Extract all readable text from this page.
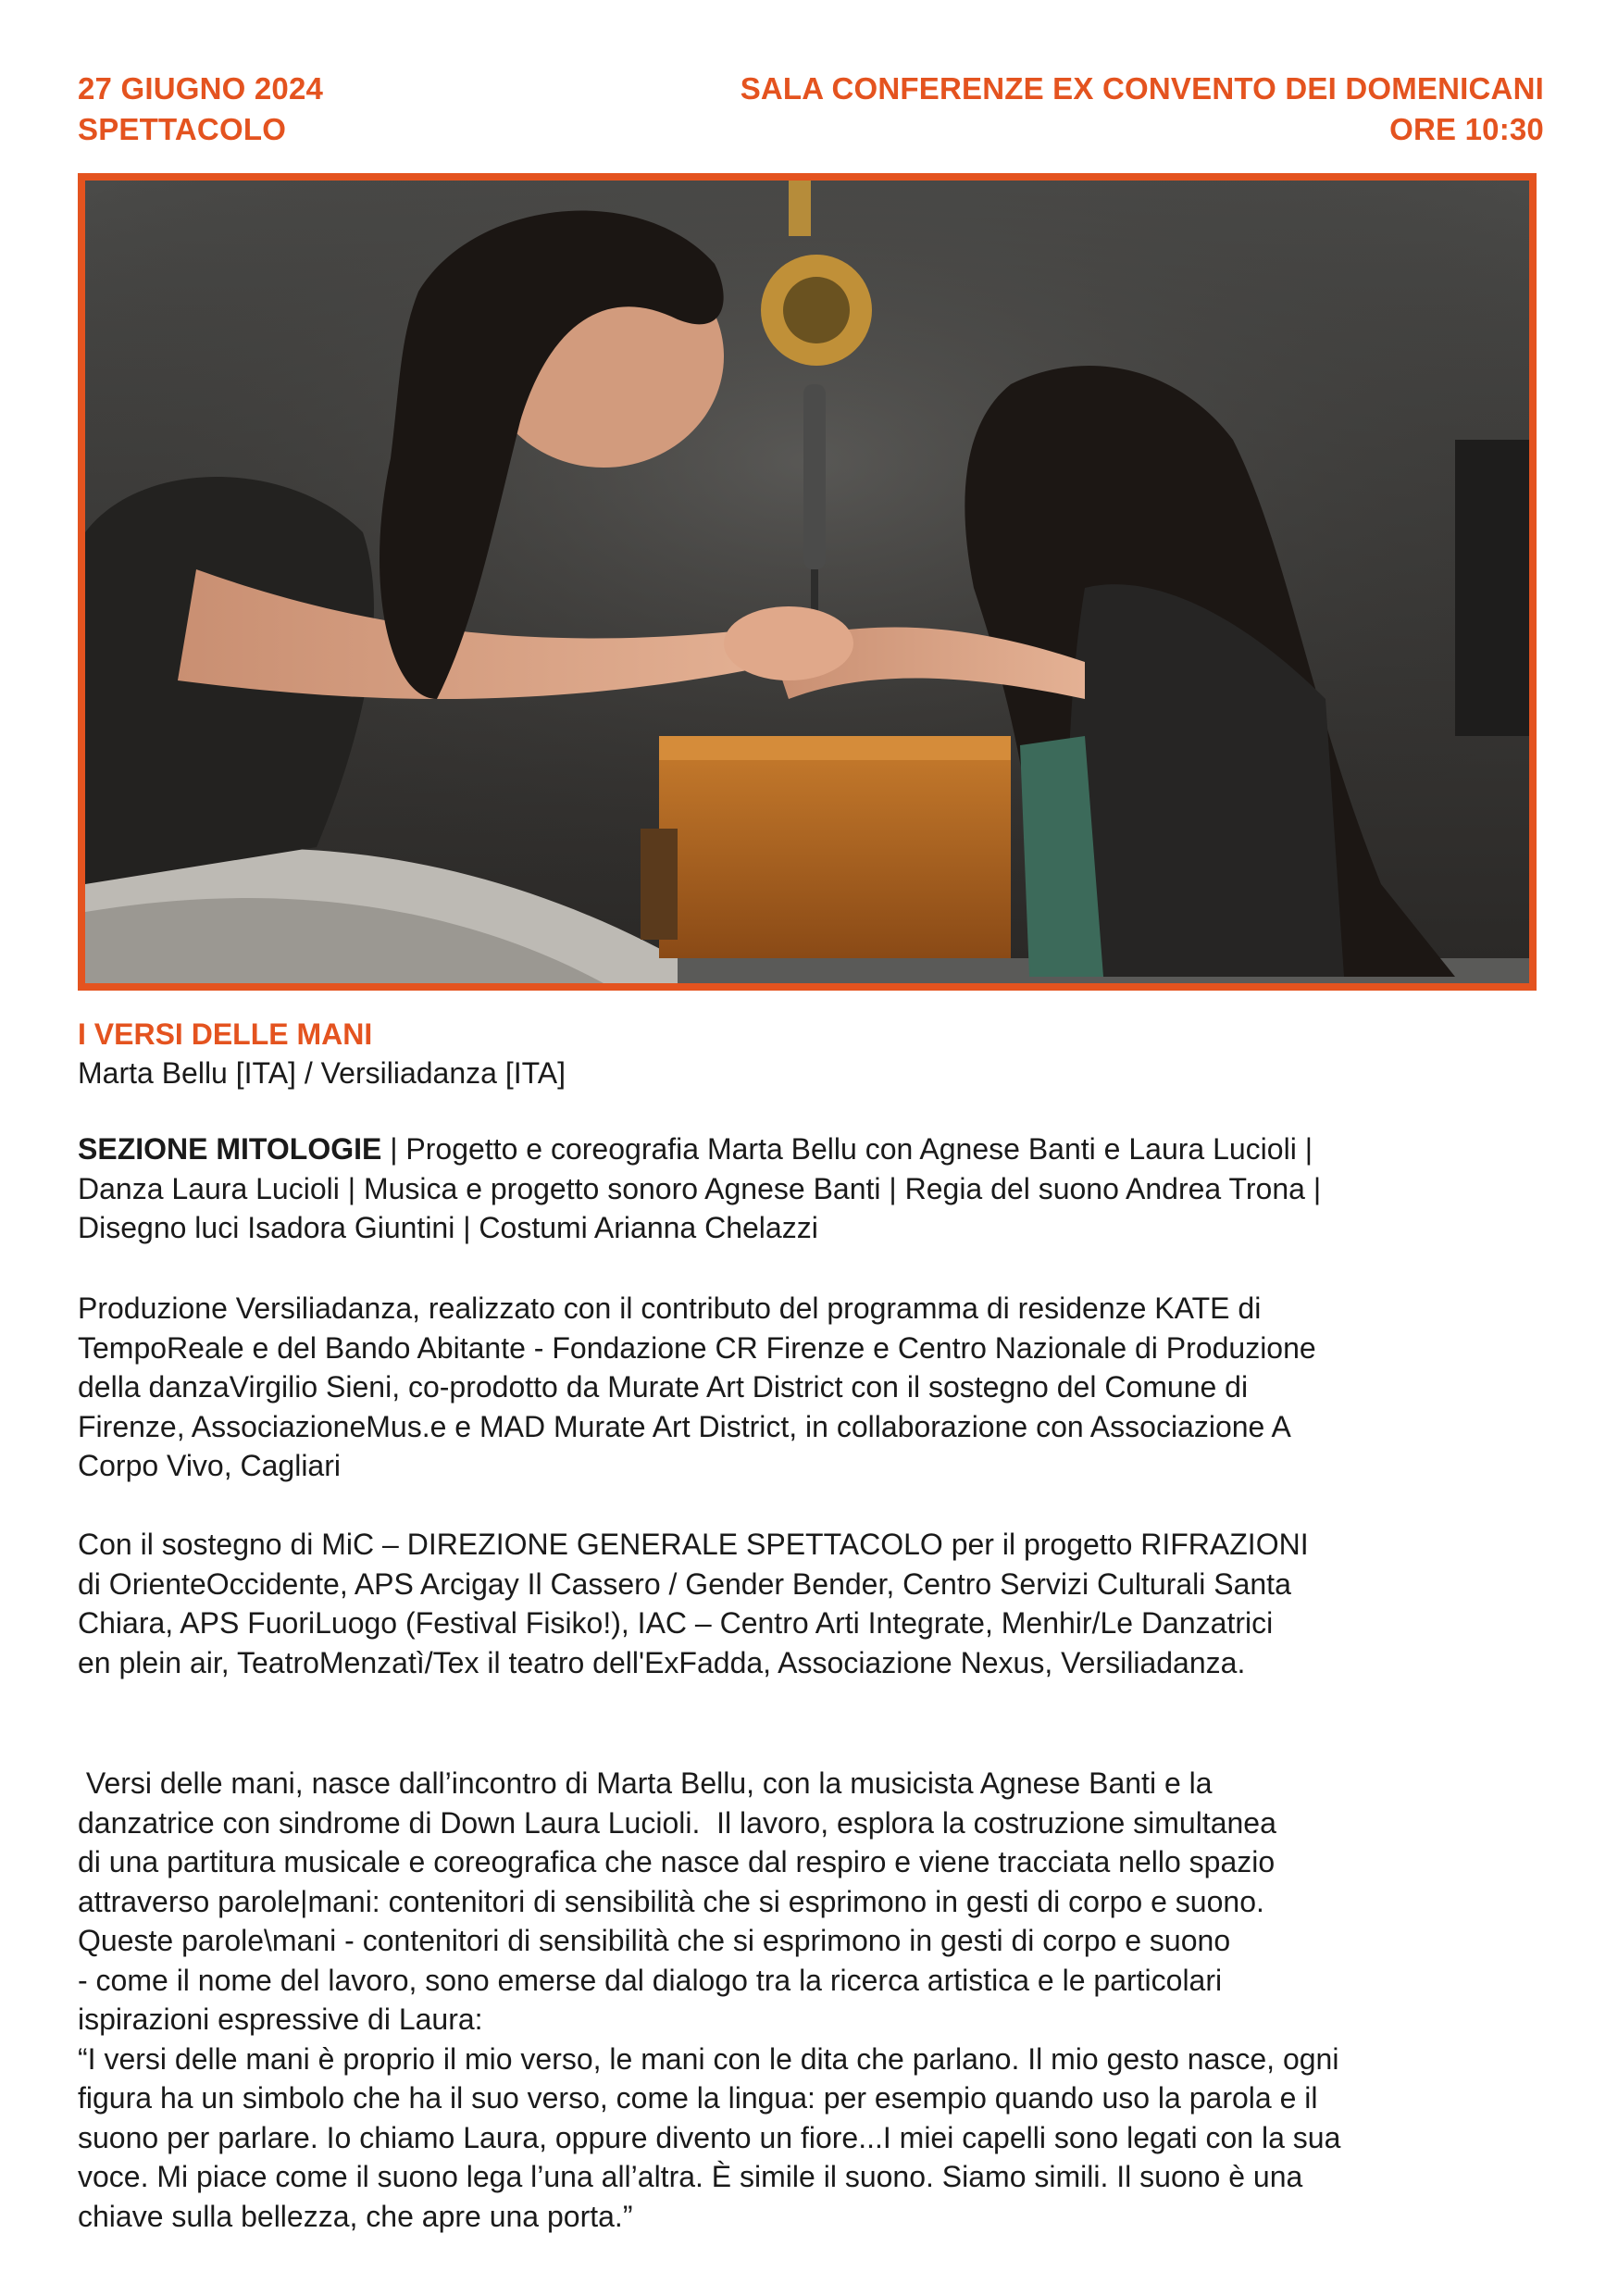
27 GIUGNO 2024
SPETTACOLO
SALA CONFERENZE EX CONVENTO DEI DOMENICANI
ORE 10:30
I VERSI DELLE MANI
Marta Bellu [ITA] / Versiliadanza [ITA]
SEZIONE MITOLOGIE | Progetto e coreografia Marta Bellu con Agnese Banti e Laura Lucioli |
Danza Laura Lucioli | Musica e progetto sonoro Agnese Banti | Regia del suono Andrea Trona |
Disegno luci Isadora Giuntini | Costumi Arianna Chelazzi
Produzione Versiliadanza, realizzato con il contributo del programma di residenze KATE di
TempoReale e del Bando Abitante - Fondazione CR Firenze e Centro Nazionale di Produzione
della danzaVirgilio Sieni, co-prodotto da Murate Art District con il sostegno del Comune di
Firenze, AssociazioneMus.e e MAD Murate Art District, in collaborazione con Associazione A
Corpo Vivo, Cagliari
Con il sostegno di MiC – DIREZIONE GENERALE SPETTACOLO per il progetto RIFRAZIONI
di OrienteOccidente, APS Arcigay Il Cassero / Gender Bender, Centro Servizi Culturali Santa
Chiara, APS FuoriLuogo (Festival Fisiko!), IAC – Centro Arti Integrate, Menhir/Le Danzatrici
en plein air, TeatroMenzatì/Tex il teatro dell'ExFadda, Associazione Nexus, Versiliadanza.
Versi delle mani, nasce dall’incontro di Marta Bellu, con la musicista Agnese Banti e la
danzatrice con sindrome di Down Laura Lucioli.  Il lavoro, esplora la costruzione simultanea
di una partitura musicale e coreografica che nasce dal respiro e viene tracciata nello spazio
attraverso parole|mani: contenitori di sensibilità che si esprimono in gesti di corpo e suono.
Queste parole\mani - contenitori di sensibilità che si esprimono in gesti di corpo e suono
- come il nome del lavoro, sono emerse dal dialogo tra la ricerca artistica e le particolari
ispirazioni espressive di Laura:
“I versi delle mani è proprio il mio verso, le mani con le dita che parlano. Il mio gesto nasce, ogni
figura ha un simbolo che ha il suo verso, come la lingua: per esempio quando uso la parola e il
suono per parlare. Io chiamo Laura, oppure divento un fiore...I miei capelli sono legati con la sua
voce. Mi piace come il suono lega l’una all’altra. È simile il suono. Siamo simili. Il suono è una
chiave sulla bellezza, che apre una porta.”
